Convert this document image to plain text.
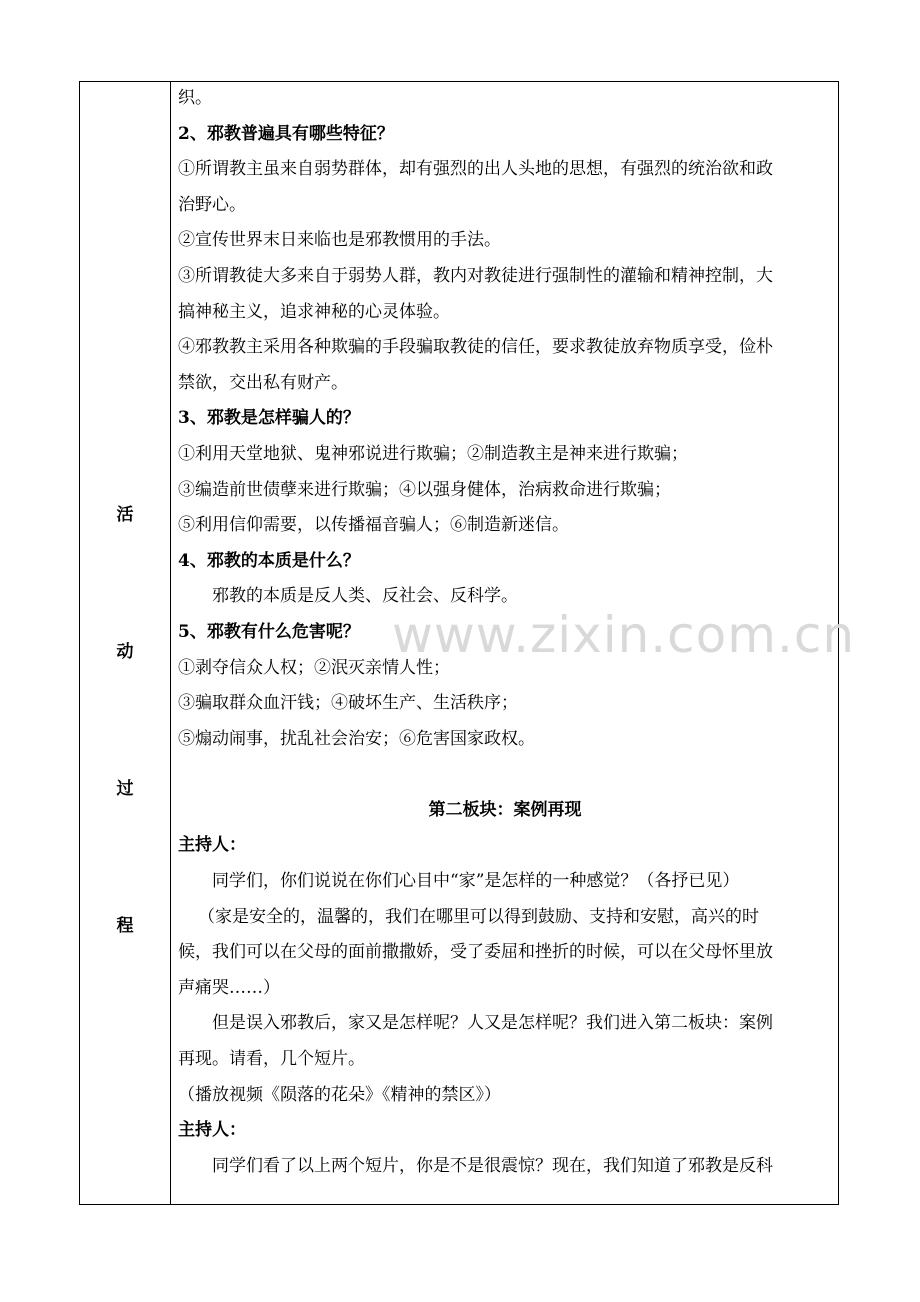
活
动
过
程
织。
2、邪教普遍具有哪些特征？
①所谓教主虽来自弱势群体，却有强烈的出人头地的思想，有强烈的统治欲和政
治野心。
②宣传世界末日来临也是邪教惯用的手法。
③所谓教徒大多来自于弱势人群，教内对教徒进行强制性的灌输和精神控制，大
搞神秘主义，追求神秘的心灵体验。
④邪教教主采用各种欺骗的手段骗取教徒的信任，要求教徒放弃物质享受，俭朴
禁欲，交出私有财产。
3、邪教是怎样骗人的？
①利用天堂地狱、鬼神邪说进行欺骗；②制造教主是神来进行欺骗；
③编造前世债孽来进行欺骗；④以强身健体，治病救命进行欺骗；
⑤利用信仰需要，以传播福音骗人；⑥制造新迷信。
4、邪教的本质是什么？
邪教的本质是反人类、反社会、反科学。
5、邪教有什么危害呢？
①剥夺信众人权；②泯灭亲情人性；
③骗取群众血汗钱；④破坏生产、生活秩序；
⑤煽动闹事，扰乱社会治安；⑥危害国家政权。
第二板块：案例再现
主持人：
同学们，你们说说在你们心目中“家”是怎样的一种感觉？（各抒已见）
（家是安全的，温馨的，我们在哪里可以得到鼓励、支持和安慰，高兴的时
候，我们可以在父母的面前撒撒娇，受了委屈和挫折的时候，可以在父母怀里放
声痛哭……）
但是误入邪教后，家又是怎样呢？人又是怎样呢？我们进入第二板块：案例
再现。请看，几个短片。
（播放视频《陨落的花朵》《精神的禁区》）
主持人：
同学们看了以上两个短片，你是不是很震惊？现在，我们知道了邪教是反科
www.zixin.com.cn
